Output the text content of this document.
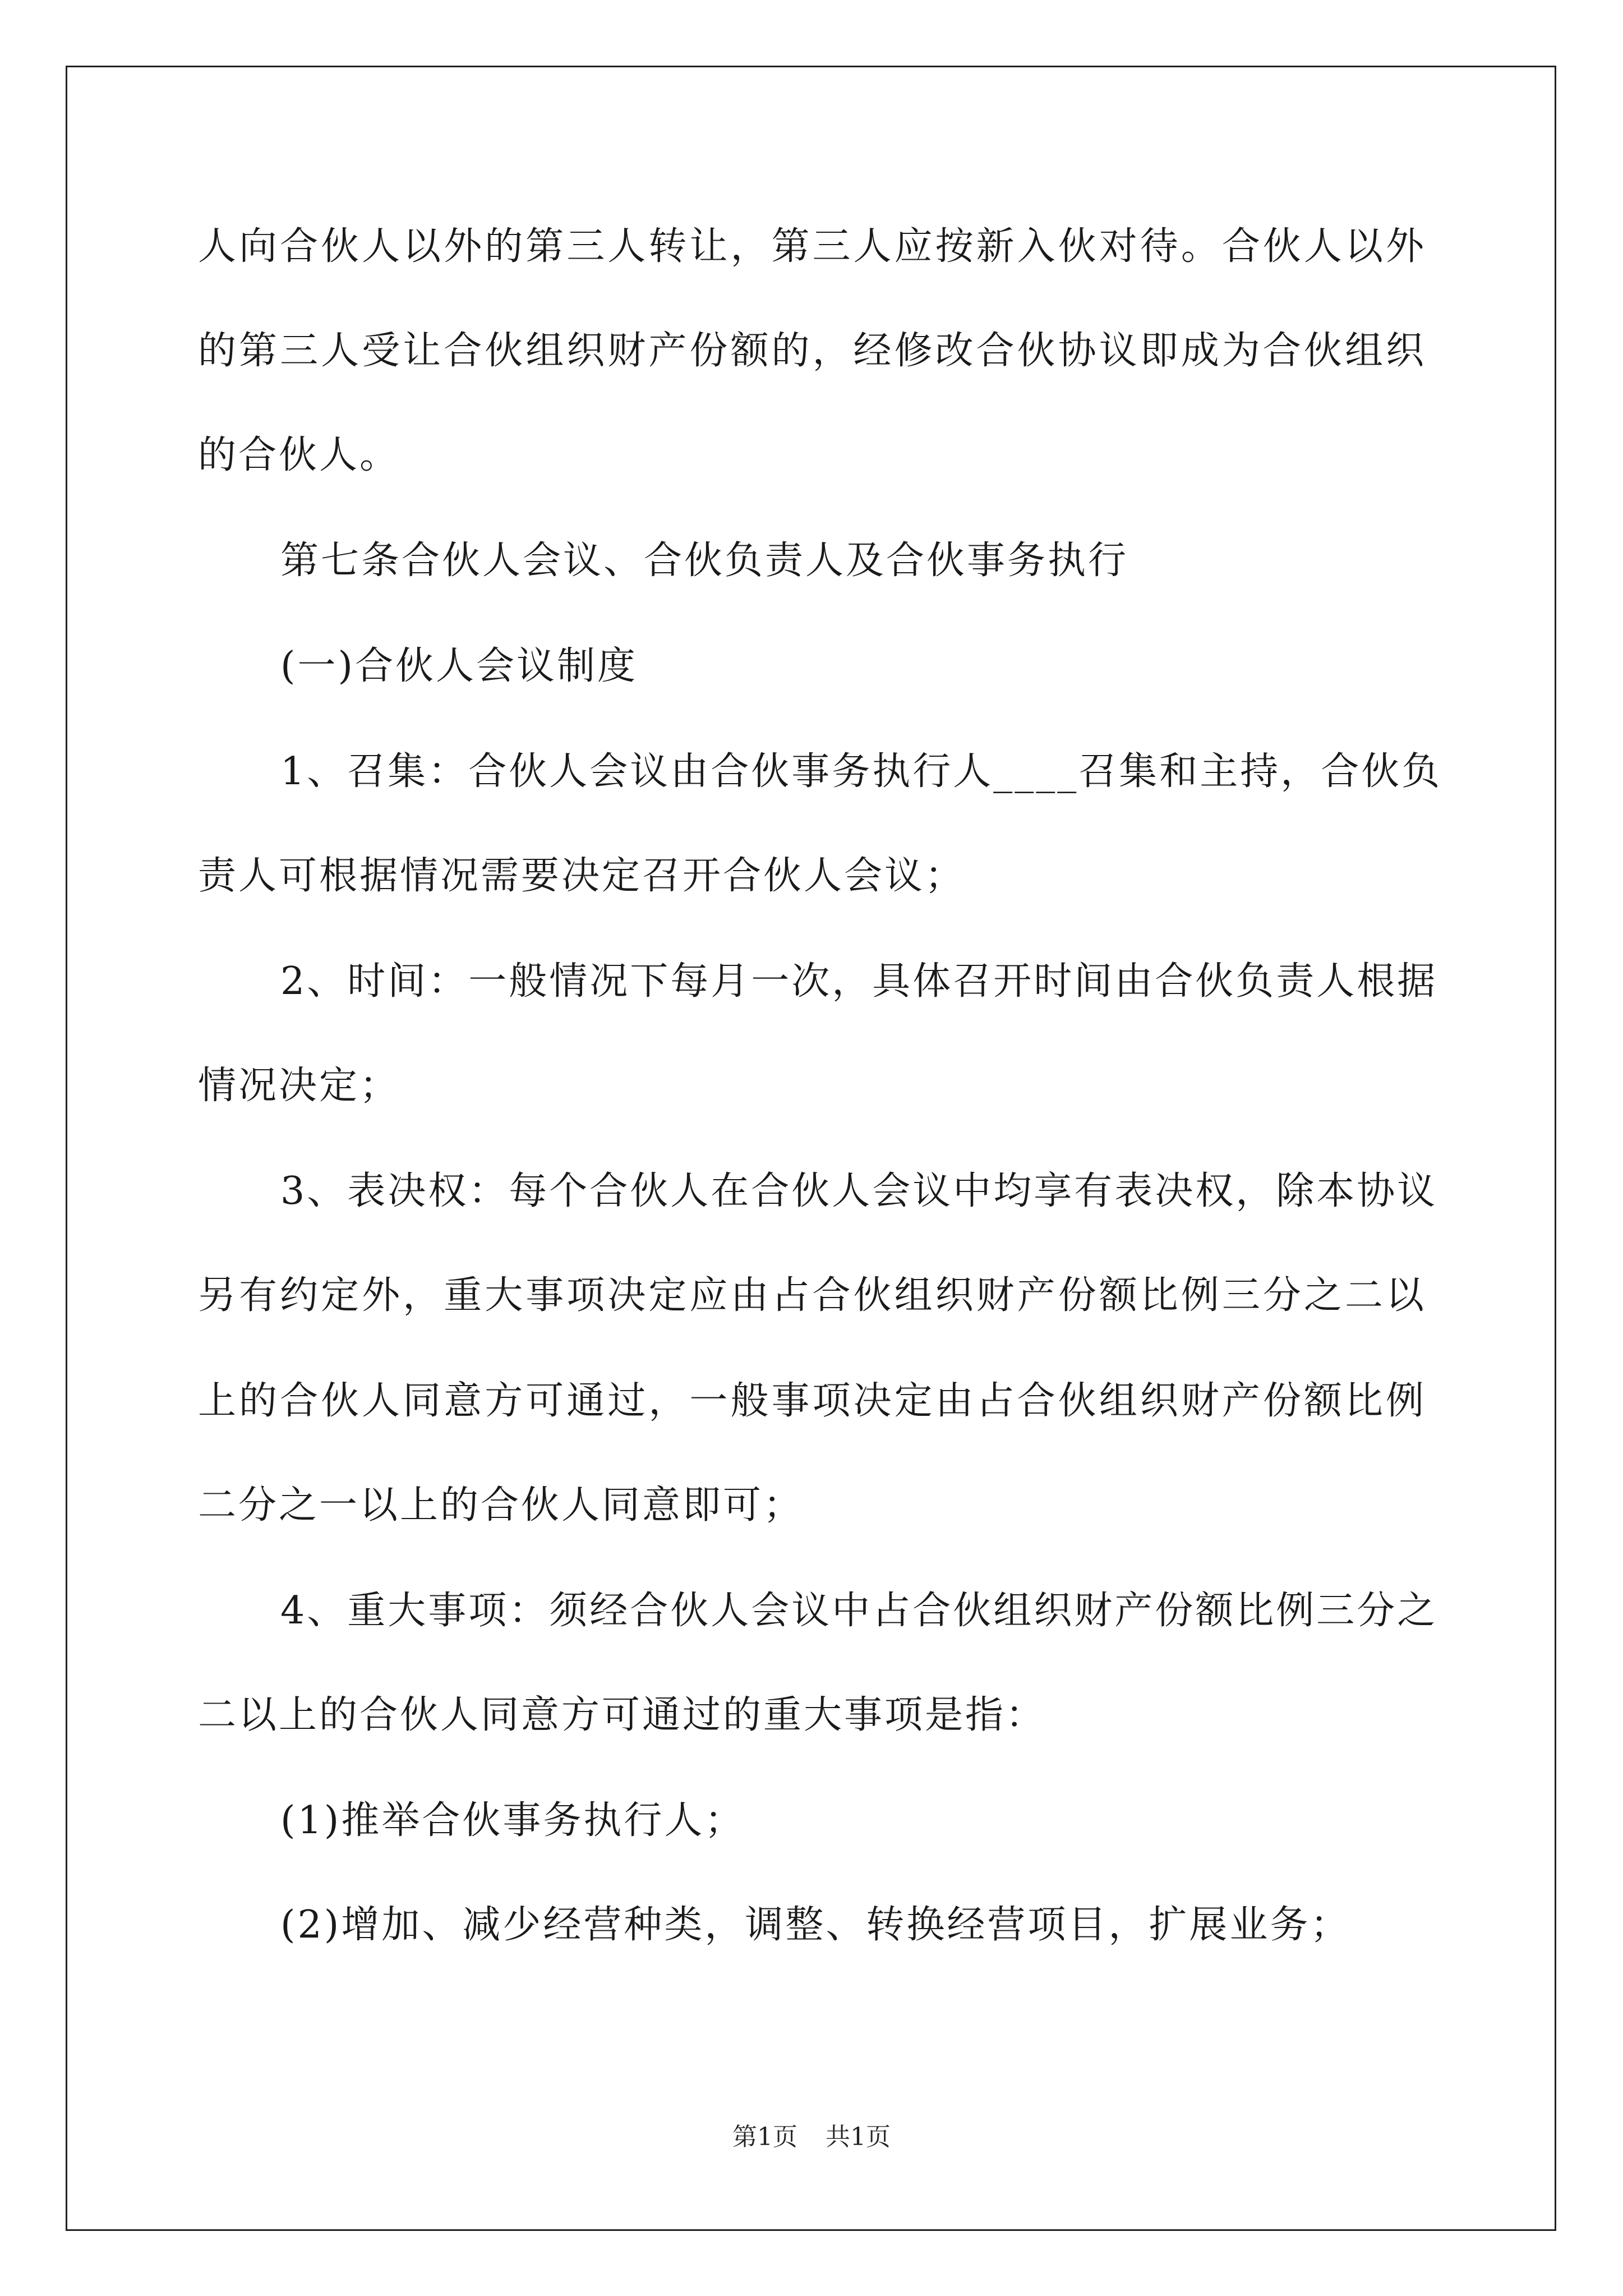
人向合伙人以外的第三人转让，第三人应按新入伙对待。合伙人以外
的第三人受让合伙组织财产份额的，经修改合伙协议即成为合伙组织
的合伙人。
第七条合伙人会议、合伙负责人及合伙事务执行
(一)合伙人会议制度
1、召集：合伙人会议由合伙事务执行人____召集和主持，合伙负
责人可根据情况需要决定召开合伙人会议；
2、时间：一般情况下每月一次，具体召开时间由合伙负责人根据
情况决定；
3、表决权：每个合伙人在合伙人会议中均享有表决权，除本协议
另有约定外，重大事项决定应由占合伙组织财产份额比例三分之二以
上的合伙人同意方可通过，一般事项决定由占合伙组织财产份额比例
二分之一以上的合伙人同意即可；
4、重大事项：须经合伙人会议中占合伙组织财产份额比例三分之
二以上的合伙人同意方可通过的重大事项是指：
(1)推举合伙事务执行人；
(2)增加、减少经营种类，调整、转换经营项目，扩展业务；
第1页 共1页
